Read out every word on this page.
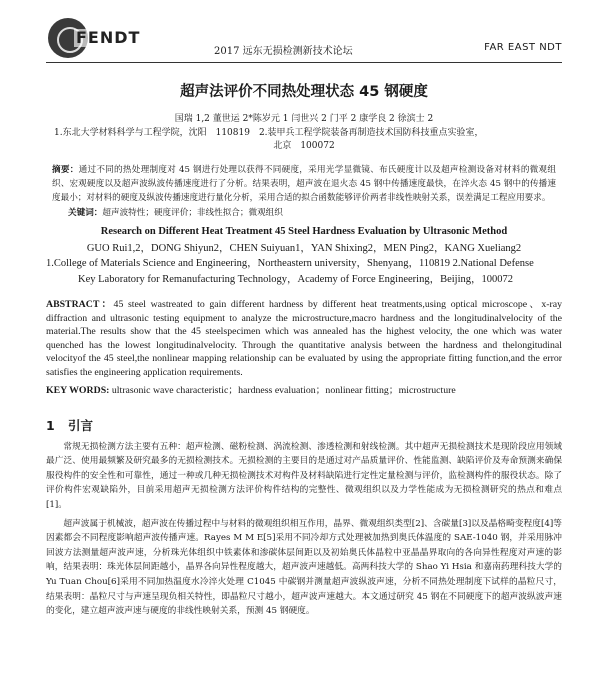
FENDT
2017 远东无损检测新技术论坛	FAR EAST NDT
超声法评价不同热处理状态 45 钢硬度
国瑞 1,2 董世运 2*陈岁元 1 闫世兴 2 门平 2 康学良 2 徐滨士 2
1.东北大学材料科学与工程学院，沈阳　110819　2.装甲兵工程学院装备再制造技术国防科技重点实验室，
北京　100072
摘要：通过不同的热处理制度对 45 钢进行处理以获得不同硬度，采用光学显微镜、布氏硬度计以及超声检测设备对材料的微观组织、宏观硬度以及超声波纵波传播速度进行了分析。结果表明，超声波在退火态 45 钢中传播速度最快，在淬火态 45 钢中的传播速度最小；对材料的硬度及纵波传播速度进行量化分析，采用合适的拟合函数能够评价两者非线性映射关系，误差满足工程应用要求。
关键词：超声波特性；硬度评价；非线性拟合；微观组织
Research on Different Heat Treatment 45 Steel Hardness Evaluation by Ultrasonic Method
GUO Rui1,2，DONG Shiyun2，CHEN Suiyuan1，YAN Shixing2，MEN Ping2，KANG Xueliang2
1.College of Materials Science and Engineering，Northeastern university，Shenyang，110819 2.National Defense
Key Laboratory for Remanufacturing Technology，Academy of Force Engineering，Beijing，100072
ABSTRACT：45 steel wastreated to gain different hardness by different heat treatments,using optical microscope、x-ray diffraction and ultrasonic testing equipment to analyze the microstructure,macro hardness and the longitudinalvelocity of the material.The results show that the 45 steelspecimen which was annealed has the highest velocity, the one which was water quenched has the lowest longitudinalvelocity. Through the quantitative analysis between the hardness and thelongitudinal velocityof the 45 steel,the nonlinear mapping relationship can be evaluated by using the appropriate fitting function,and the error satisfies the engineering application requirements.
KEY WORDS: ultrasonic wave characteristic；hardness evaluation；nonlinear fitting；microstructure
1 引言

常规无损检测方法主要有五种：超声检测、磁粉检测、涡流检测、渗透检测和射线检测。其中超声无损检测技术是现阶段应用领域最广泛、使用最频繁及研究最多的无损检测技术。无损检测的主要目的是通过对产品质量评价、性能监测、缺陷评价及寿命预测来确保服役构件的安全性和可靠性，通过一种或几种无损检测技术对构件及材料缺陷进行定性定量检测与评价，监检测构件的服役状态。除了评价构件宏观缺陷外，目前采用超声无损检测方法评价构件结构的完整性、微观组织以及力学性能成为无损检测研究的热点和难点[1]。

超声波属于机械波，超声波在传播过程中与材料的微观组织相互作用，晶界、微观组织类型[2]、含碳量[3]以及晶格畸变程度[4]等因素都会不同程度影响超声波传播声速。Rayes M M E[5]采用不同冷却方式处理被加热到奥氏体温度的 SAE-1040 钢，并采用脉冲回波方法测量超声波声速，分析珠光体组织中铁素体和渗碳体层间距以及初始奥氏体晶粒中亚晶晶界取向的各向异性程度对声速的影响，结果表明：珠光体层间距越小，晶界各向异性程度越大，超声波声速越低。高两科技大学的 Shao Yi Hsia 和嘉南药理科技大学的 Yu Tuan Chou[6]采用不同加热温度水冷淬火处理 C1045 中碳钢并测量超声波纵波声速，分析不同热处理制度下试样的晶粒尺寸，结果表明：晶粒尺寸与声速呈现负相关特性，即晶粒尺寸越小，超声波声速越大。本文通过研究 45 钢在不同硬度下的超声波纵波声速的变化，建立超声波声速与硬度的非线性映射关系，预测 45 钢硬度。
